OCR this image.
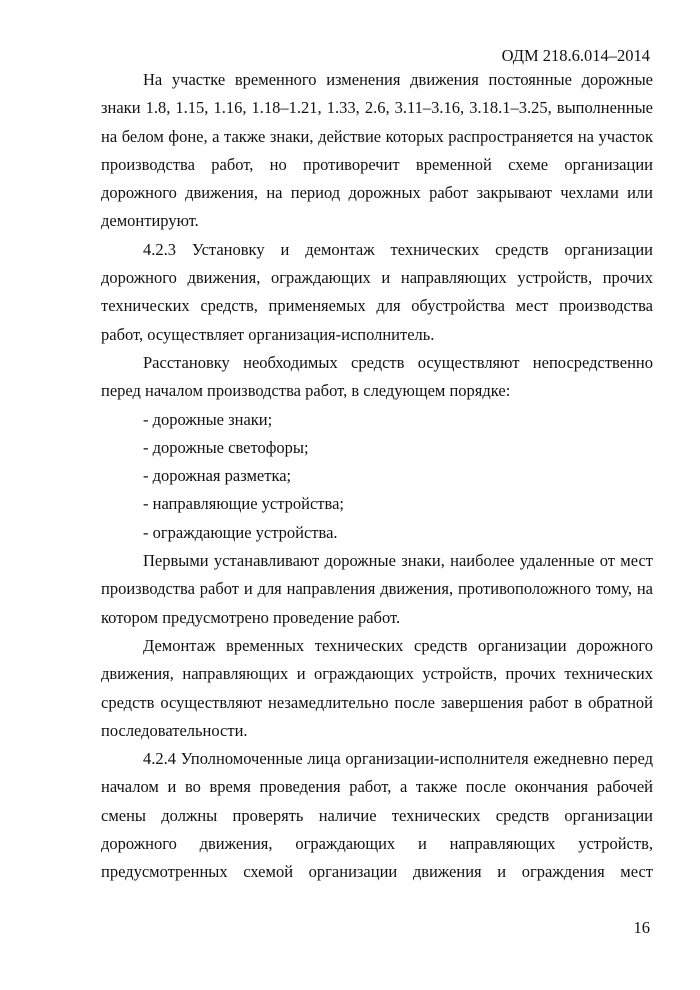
ОДМ 218.6.014–2014

На участке временного изменения движения постоянные дорожные знаки 1.8, 1.15, 1.16, 1.18–1.21, 1.33, 2.6, 3.11–3.16, 3.18.1–3.25, выполненные на белом фоне, а также знаки, действие которых распространяется на участок производства работ, но противоречит временной схеме организации дорожного движения, на период дорожных работ закрывают чехлами или демонтируют.

4.2.3 Установку и демонтаж технических средств организации дорожного движения, ограждающих и направляющих устройств, прочих технических средств, применяемых для обустройства мест производства работ, осуществляет организация-исполнитель.

Расстановку необходимых средств осуществляют непосредственно перед началом производства работ, в следующем порядке:

- дорожные знаки;

- дорожные светофоры;

- дорожная разметка;

- направляющие устройства;

- ограждающие устройства.

Первыми устанавливают дорожные знаки, наиболее удаленные от мест производства работ и для направления движения, противоположного тому, на котором предусмотрено проведение работ.

Демонтаж временных технических средств организации дорожного движения, направляющих и ограждающих устройств, прочих технических средств осуществляют незамедлительно после завершения работ в обратной последовательности.

4.2.4 Уполномоченные лица организации-исполнителя ежедневно перед началом и во время проведения работ, а также после окончания рабочей смены должны проверять наличие технических средств организации дорожного движения, ограждающих и направляющих устройств, предусмотренных схемой организации движения и ограждения мест

16
